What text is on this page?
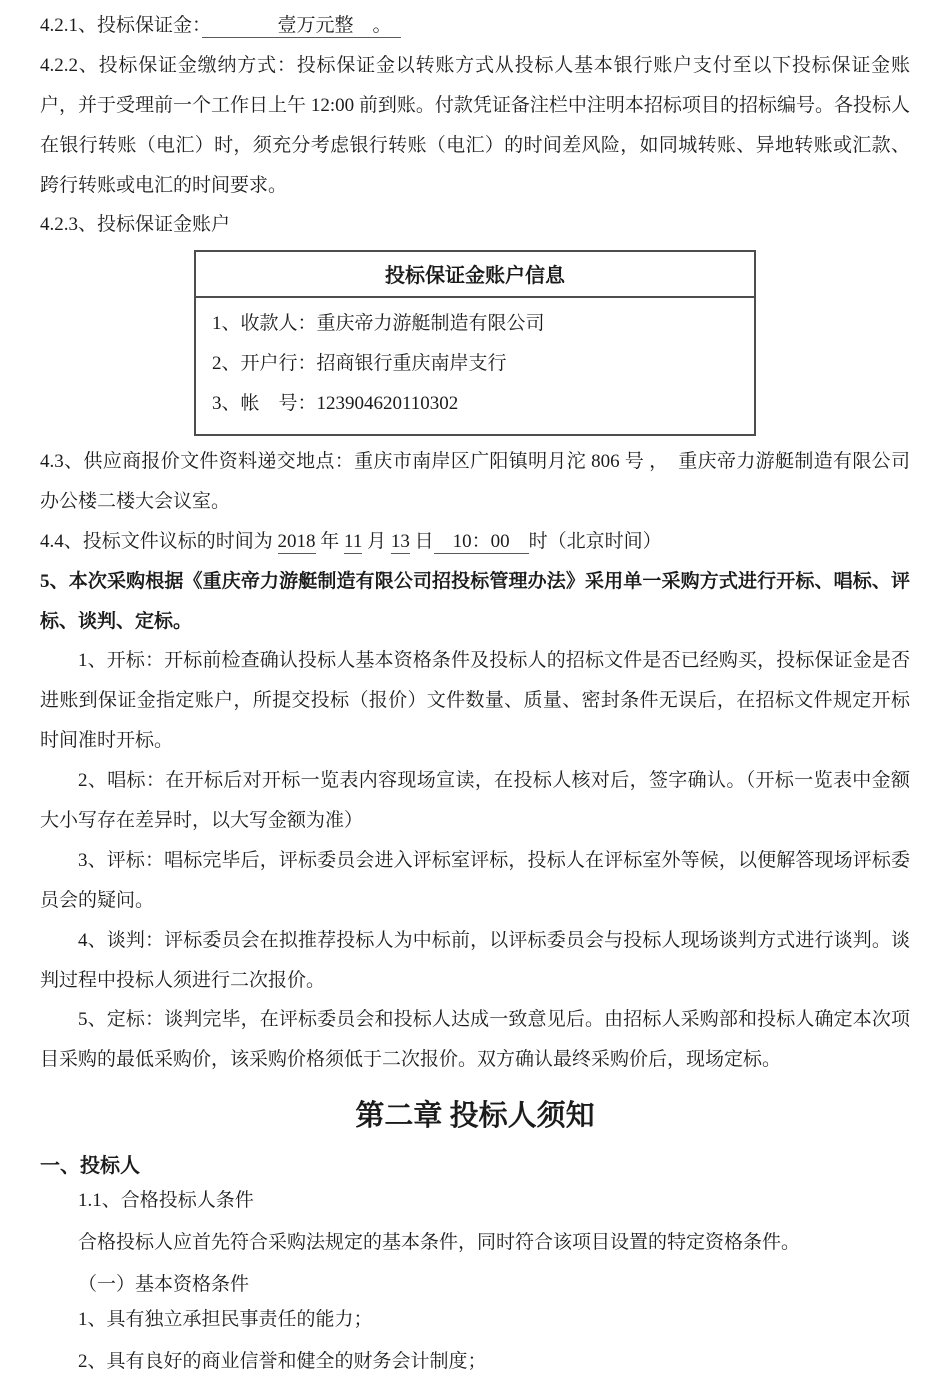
4.2.1、投标保证金：　　　　壹万元整　。　

4.2.2、投标保证金缴纳方式：投标保证金以转账方式从投标人基本银行账户支付至以下投标保证金账户，并于受理前一个工作日上午 12:00 前到账。付款凭证备注栏中注明本招标项目的招标编号。各投标人在银行转账（电汇）时，须充分考虑银行转账（电汇）的时间差风险，如同城转账、异地转账或汇款、跨行转账或电汇的时间要求。

4.2.3、投标保证金账户

投标保证金账户信息
1、收款人：重庆帝力游艇制造有限公司
2、开户行：招商银行重庆南岸支行
3、帐　号：123904620110302

4.3、供应商报价文件资料递交地点：重庆市南岸区广阳镇明月沱 806 号 ，　重庆帝力游艇制造有限公司办公楼二楼大会议室。

4.4、投标文件议标的时间为 2018 年 11 月 13 日　10：00　时（北京时间）

5、本次采购根据《重庆帝力游艇制造有限公司招投标管理办法》采用单一采购方式进行开标、唱标、评标、谈判、定标。

1、开标：开标前检查确认投标人基本资格条件及投标人的招标文件是否已经购买，投标保证金是否进账到保证金指定账户，所提交投标（报价）文件数量、质量、密封条件无误后，在招标文件规定开标时间准时开标。

2、唱标：在开标后对开标一览表内容现场宣读，在投标人核对后，签字确认。（开标一览表中金额大小写存在差异时，以大写金额为准）

3、评标：唱标完毕后，评标委员会进入评标室评标，投标人在评标室外等候，以便解答现场评标委员会的疑问。

4、谈判：评标委员会在拟推荐投标人为中标前，以评标委员会与投标人现场谈判方式进行谈判。谈判过程中投标人须进行二次报价。

5、定标：谈判完毕，在评标委员会和投标人达成一致意见后。由招标人采购部和投标人确定本次项目采购的最低采购价，该采购价格须低于二次报价。双方确认最终采购价后，现场定标。

第二章 投标人须知

一、投标人

1.1、合格投标人条件

合格投标人应首先符合采购法规定的基本条件，同时符合该项目设置的特定资格条件。

（一）基本资格条件

1、具有独立承担民事责任的能力；

2、具有良好的商业信誉和健全的财务会计制度；
